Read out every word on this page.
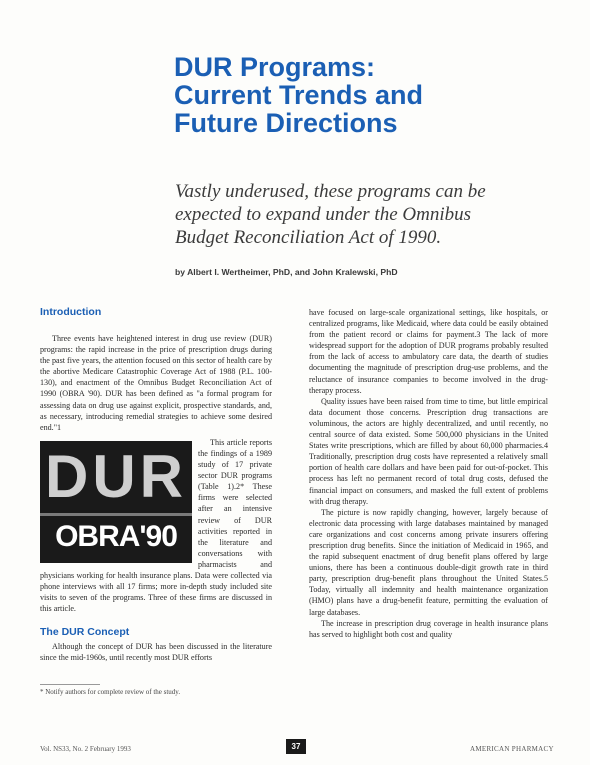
DUR Programs:
Current Trends and
Future Directions

Vastly underused, these programs can be
expected to expand under the Omnibus
Budget Reconciliation Act of 1990.

by Albert I. Wertheimer, PhD, and John Kralewski, PhD

Introduction

Three events have heightened interest in drug use review (DUR) programs: the rapid increase in the price of prescription drugs during the past five years, the attention focused on this sector of health care by the abortive Medicare Catastrophic Coverage Act of 1988 (P.L. 100-130), and enactment of the Omnibus Budget Reconciliation Act of 1990 (OBRA '90). DUR has been defined as "a formal program for assessing data on drug use against explicit, prospective standards, and, as necessary, introducing remedial strategies to achieve some desired end."1

DUR
OBRA'90

This article reports the findings of a 1989 study of 17 private sector DUR programs (Table 1).2* These firms were selected after an intensive review of DUR activities reported in the literature and conversations with pharmacists and physicians working for health insurance plans. Data were collected via phone interviews with all 17 firms; more in-depth study included site visits to seven of the programs. Three of these firms are discussed in this article.

The DUR Concept

Although the concept of DUR has been discussed in the literature since the mid-1960s, until recently most DUR efforts

have focused on large-scale organizational settings, like hospitals, or centralized programs, like Medicaid, where data could be easily obtained from the patient record or claims for payment.3 The lack of more widespread support for the adoption of DUR programs probably resulted from the lack of access to ambulatory care data, the dearth of studies documenting the magnitude of prescription drug-use problems, and the reluctance of insurance companies to become involved in the drug-therapy process.

Quality issues have been raised from time to time, but little empirical data document those concerns. Prescription drug transactions are voluminous, the actors are highly decentralized, and until recently, no central source of data existed. Some 500,000 physicians in the United States write prescriptions, which are filled by about 60,000 pharmacies.4 Traditionally, prescription drug costs have represented a relatively small portion of health care dollars and have been paid for out-of-pocket. This process has left no permanent record of total drug costs, defused the financial impact on consumers, and masked the full extent of problems with drug therapy.

The picture is now rapidly changing, however, largely because of electronic data processing with large databases maintained by managed care organizations and cost concerns among private insurers offering prescription drug benefits. Since the initiation of Medicaid in 1965, and the rapid subsequent enactment of drug benefit plans offered by large unions, there has been a continuous double-digit growth rate in third party, prescription drug-benefit plans throughout the United States.5 Today, virtually all indemnity and health maintenance organization (HMO) plans have a drug-benefit feature, permitting the evaluation of large databases.

The increase in prescription drug coverage in health insurance plans has served to highlight both cost and quality

* Notify authors for complete review of the study.

Vol. NS33, No. 2 February 1993	37	AMERICAN PHARMACY
